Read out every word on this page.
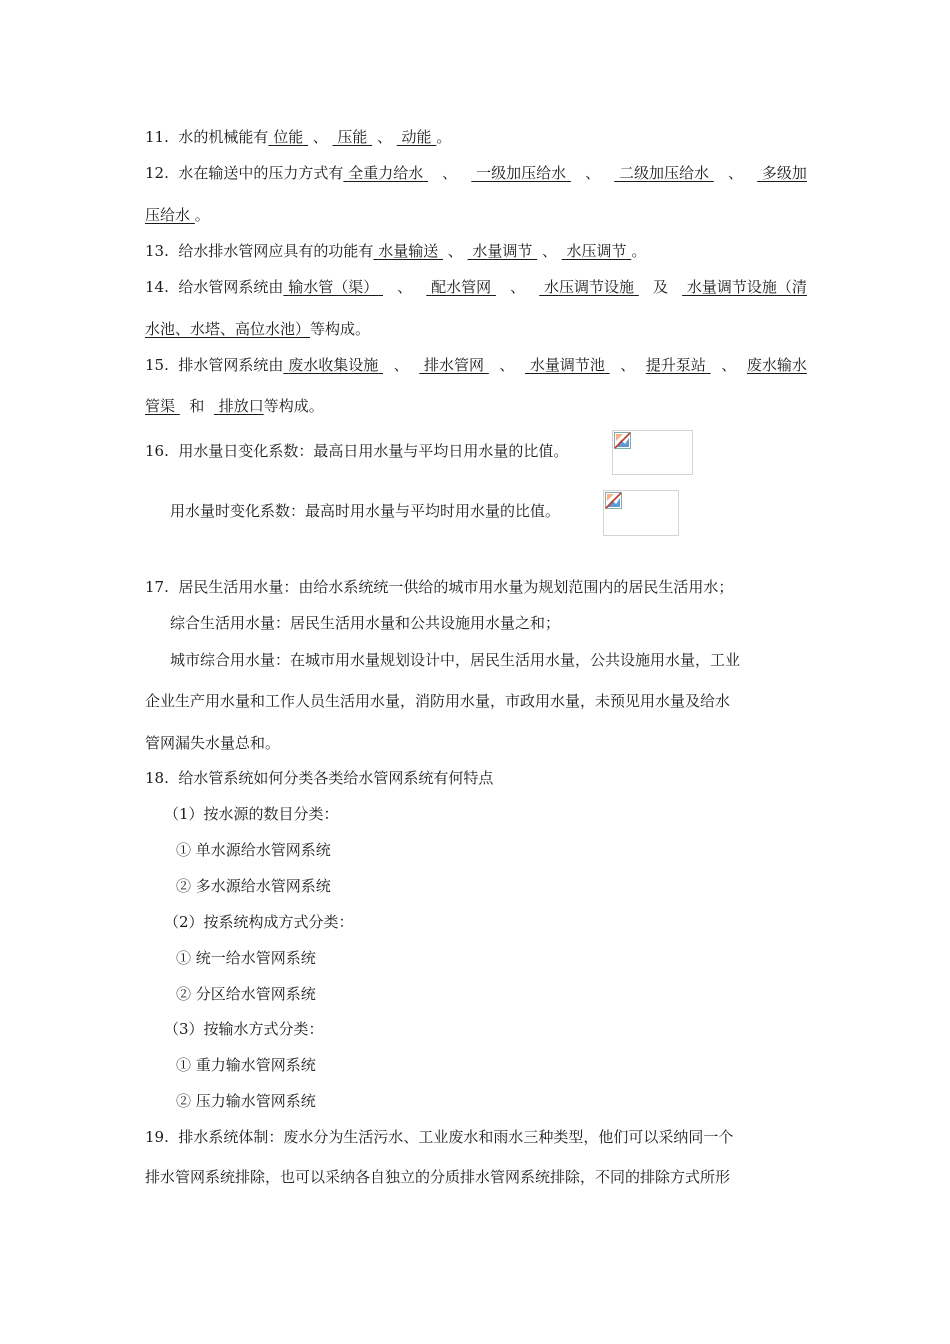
11. 水的机械能有 位能 、 压能 、 动能 。
12. 水在输送中的压力方式有 全重力给水	、	一级加压给水	、	二级加压给水	、	多级加
压给水 。
13. 给水排水管网应具有的功能有 水量输送 、 水量调节 、 水压调节 。
14. 给水管网系统由 输水管（渠）	、	配水管网	、	水压调节设施	及	水量调节设施（清
水池、水塔、高位水池）等构成。
15. 排水管网系统由 废水收集设施	、	排水管网	、	水量调节池	、 提升泵站	、 废水输水
管渠 和 排放口等构成。
16. 用水量日变化系数：最高日用水量与平均日用水量的比值。
用水量时变化系数：最高时用水量与平均时用水量的比值。
17. 居民生活用水量：由给水系统统一供给的城市用水量为规划范围内的居民生活用水；
综合生活用水量：居民生活用水量和公共设施用水量之和；
城市综合用水量：在城市用水量规划设计中，居民生活用水量，公共设施用水量，工业
企业生产用水量和工作人员生活用水量，消防用水量，市政用水量，未预见用水量及给水
管网漏失水量总和。
18. 给水管系统如何分类各类给水管网系统有何特点
（1）按水源的数目分类：
① 单水源给水管网系统
② 多水源给水管网系统
（2）按系统构成方式分类：
① 统一给水管网系统
② 分区给水管网系统
（3）按输水方式分类：
① 重力输水管网系统
② 压力输水管网系统
19. 排水系统体制：废水分为生活污水、工业废水和雨水三种类型，他们可以采纳同一个
排水管网系统排除，也可以采纳各自独立的分质排水管网系统排除，不同的排除方式所形
